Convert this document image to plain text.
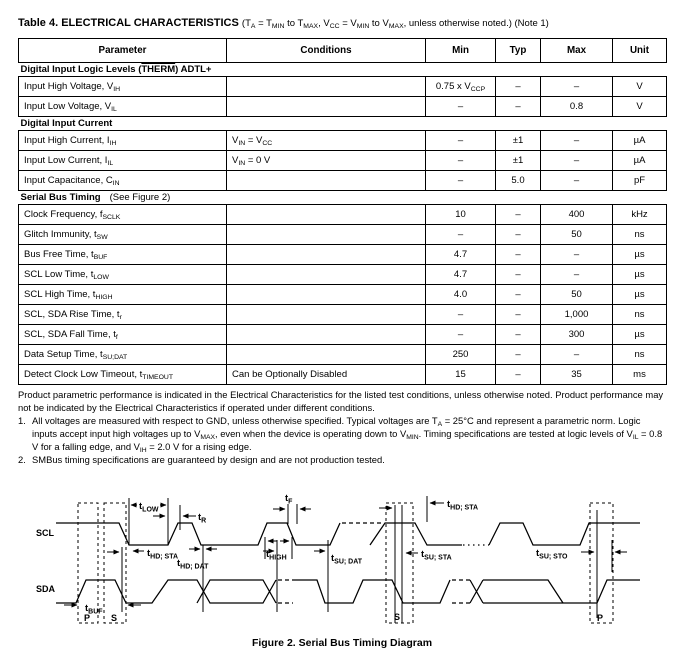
Table 4. ELECTRICAL CHARACTERISTICS ($T_A = T_{MIN}$ to $T_{MAX}$, $V_{CC} = V_{MIN}$ to $V_{MAX}$, unless otherwise noted.) (Note 1)
Parameter	Conditions	Min	Typ	Max	Unit
Digital Input Logic Levels (THERM) ADTL+					
Input High Voltage, $V_{IH}$		0.75 x $V_{CCP}$	–	–	V
Input Low Voltage, $V_{IL}$		–	–	0.8	V
Digital Input Current					
Input High Current, $I_{IH}$	$V_{IN} = V_{CC}$	–	±1	–	µA
Input Low Current, $I_{IL}$	$V_{IN} = 0$ V	–	±1	–	µA
Input Capacitance, $C_{IN}$		–	5.0	–	pF
Serial Bus Timing (See Figure 2)					
Clock Frequency, $f_{SCLK}$		10	–	400	kHz
Glitch Immunity, $t_{SW}$		–	–	50	ns
Bus Free Time, $t_{BUF}$		4.7	–	–	µs
SCL Low Time, $t_{LOW}$		4.7	–	–	µs
SCL High Time, $t_{HIGH}$		4.0	–	50	µs
SCL, SDA Rise Time, $t_r$		–	–	1,000	ns
SCL, SDA Fall Time, $t_f$		–	–	300	µs
Data Setup Time, $t_{SU;DAT}$		250	–	–	ns
Detect Clock Low Timeout, $t_{TIMEOUT}$	Can be Optionally Disabled	15	–	35	ms

Product parametric performance is indicated in the Electrical Characteristics for the listed test conditions, unless otherwise noted. Product performance may not be indicated by the Electrical Characteristics if operated under different conditions.

1. All voltages are measured with respect to GND, unless otherwise specified. Typical voltages are $T_A = 25^\circ C$ and represent a parametric norm. Logic inputs accept input high voltages up to $V_{MAX}$, even when the device is operating down to $V_{MIN}$. Timing specifications are tested at logic levels of $V_{IL} = 0.8$ V for a falling edge, and $V_{IH} = 2.0$ V for a rising edge.
2. SMBus timing specifications are guaranteed by design and are not production tested.
SCL
SDA
$t_{LOW}$
$t_R$
$t_F$
$t_{HD; STA}$
$t_{HD; DAT}$
$t_{HIGH}$	$t_{SU; DAT}$
$t_{SU; STA}$
$t_{HD; STA}$
$t_{SU; STO}$
$t_{BUF}$
P S	S	P
Figure 2. Serial Bus Timing Diagram
